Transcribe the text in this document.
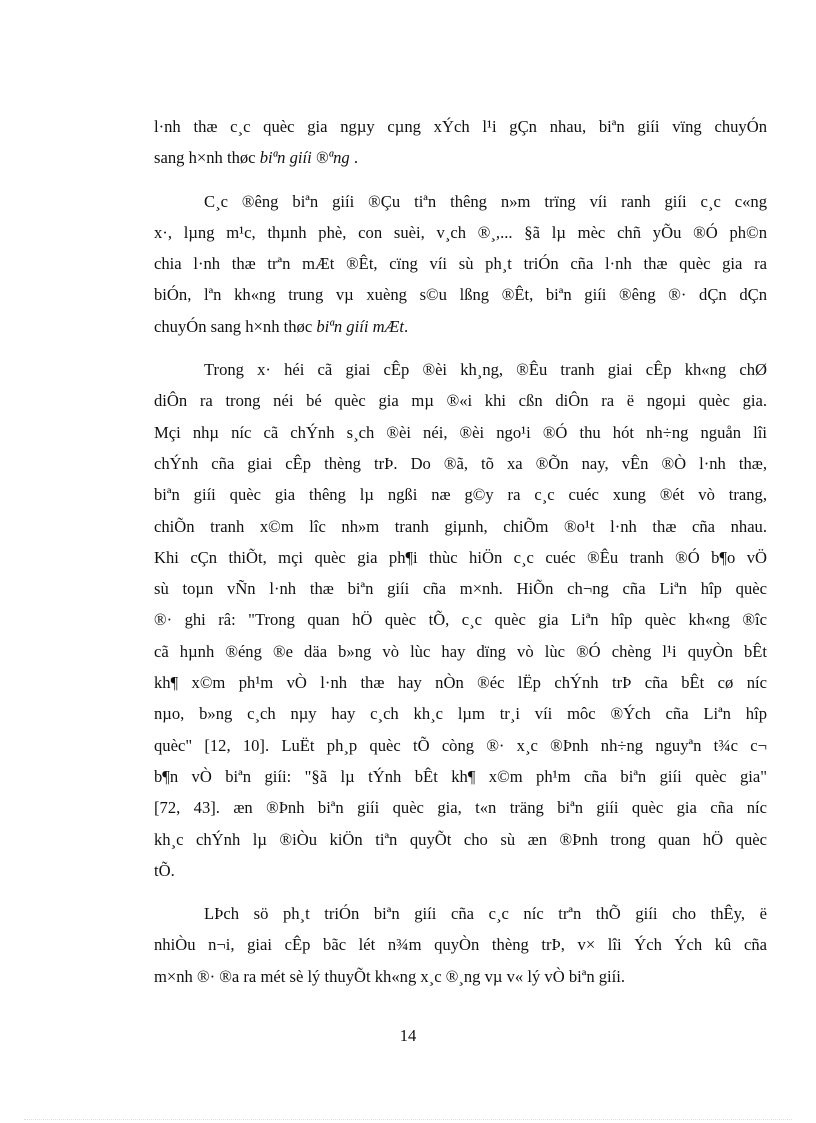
l·nh thæ c¸c quèc gia ngµy cµng xÝch l¹i gÇn nhau, biªn giíi vïng chuyÓn
sang h×nh thøc biªn giíi ®ªng .
C¸c ®êng biªn giíi ®Çu tiªn thêng n»m trïng víi ranh giíi c¸c c«ng
x·, lµng m¹c, thµnh phè, con suèi, v¸ch ®¸,... §ã lµ mèc chñ yÕu ®Ó ph©n
chia l·nh thæ trªn mÆt ®Êt, cïng víi sù ph¸t triÓn cña l·nh thæ quèc gia ra
biÓn, lªn kh«ng trung vµ xuèng s©u lßng ®Êt, biªn giíi ®êng ®· dÇn dÇn
chuyÓn sang h×nh thøc biªn giíi mÆt.
Trong x· héi cã giai cÊp ®èi kh¸ng, ®Êu tranh giai cÊp kh«ng chØ
diÔn ra trong néi bé quèc gia mµ ®«i khi cßn diÔn ra ë ngoµi quèc gia.
Mçi nhµ níc cã chÝnh s¸ch ®èi néi, ®èi ngo¹i ®Ó thu hót nh÷ng nguån lîi
chÝnh cña giai cÊp thèng trÞ. Do ®ã, tõ xa ®Õn nay, vÊn ®Ò l·nh thæ,
biªn giíi quèc gia thêng lµ ngßi næ g©y ra c¸c cuéc xung ®ét vò trang,
chiÕn tranh x©m lîc nh»m tranh giµnh, chiÕm ®o¹t l·nh thæ cña nhau.
Khi cÇn thiÕt, mçi quèc gia ph¶i thùc hiÖn c¸c cuéc ®Êu tranh ®Ó b¶o vÖ
sù toµn vÑn l·nh thæ biªn giíi cña m×nh. HiÕn ch¬ng cña Liªn hîp quèc
®· ghi râ: "Trong quan hÖ quèc tÕ, c¸c quèc gia Liªn hîp quèc kh«ng ®îc
cã hµnh ®éng ®e däa b»ng vò lùc hay dïng vò lùc ®Ó chèng l¹i quyÒn bÊt
kh¶ x©m ph¹m vÒ l·nh thæ hay nÒn ®éc lËp chÝnh trÞ cña bÊt cø níc
nµo, b»ng c¸ch nµy hay c¸ch kh¸c lµm tr¸i víi môc ®Ých cña Liªn hîp
quèc" [12, 10]. LuËt ph¸p quèc tÕ còng ®· x¸c ®Þnh nh÷ng nguyªn t¾c c¬
b¶n vÒ biªn giíi: "§ã lµ tÝnh bÊt kh¶ x©m ph¹m cña biªn giíi quèc gia"
[72, 43]. æn ®Þnh biªn giíi quèc gia, t«n träng biªn giíi quèc gia cña níc
kh¸c chÝnh lµ ®iÒu kiÖn tiªn quyÕt cho sù æn ®Þnh trong quan hÖ quèc
tÕ.
LÞch sö ph¸t triÓn biªn giíi cña c¸c níc trªn thÕ giíi cho thÊy, ë
nhiÒu n¬i, giai cÊp bãc lét n¾m quyÒn thèng trÞ, v× lîi Ých Ých kû cña
m×nh ®· ®a ra mét sè lý thuyÕt kh«ng x¸c ®¸ng vµ v« lý vÒ biªn giíi.
14
